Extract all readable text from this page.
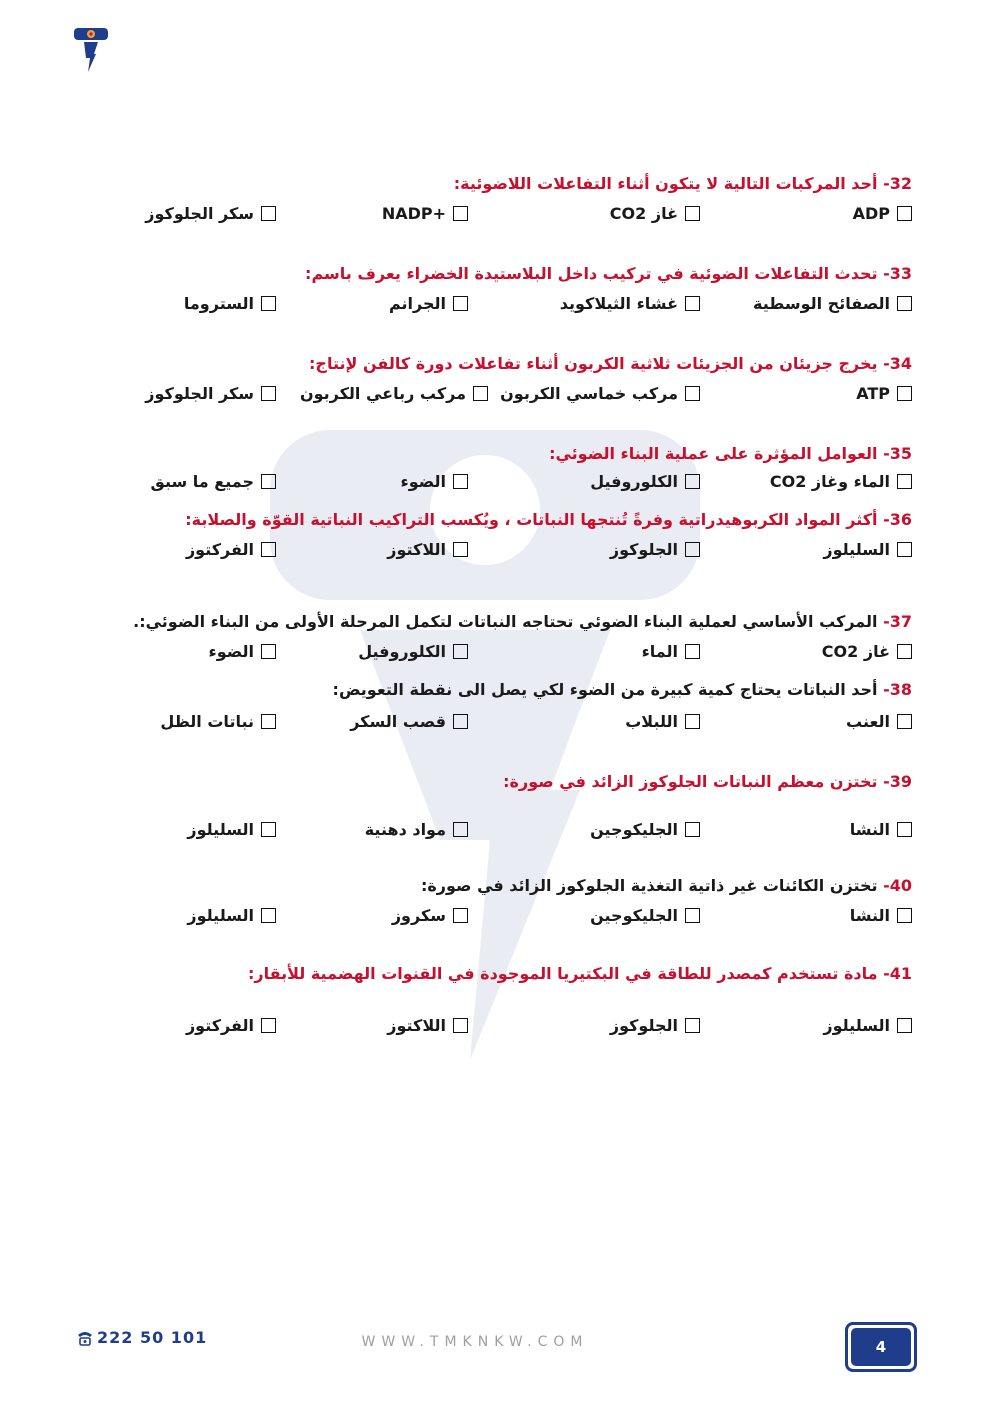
32- أحد المركبات التالية لا يتكون أثناء التفاعلات اللاضوئية:
ADP
غاز CO2
NADP+
سكر الجلوكوز
33- تحدث التفاعلات الضوئية في تركيب داخل البلاستيدة الخضراء يعرف باسم:
الصفائح الوسطية
غشاء الثيلاكويد
الجرانم
الستروما
34- يخرج جزيئان من الجزيئات ثلاثية الكربون أثناء تفاعلات دورة كالفن لإنتاج:
ATP
مركب خماسي الكربون
مركب رباعي الكربون
سكر الجلوكوز
35- العوامل المؤثرة على عملية البناء الضوئي:
الماء وغاز CO2
الكلوروفيل
الضوء
جميع ما سبق
36- أكثر المواد الكربوهيدراتية وفرةً تُنتجها النباتات ، ويُكسب التراكيب النباتية القوّة والصلابة:
السليلوز
الجلوكوز
اللاكتوز
الفركتوز
37- المركب الأساسي لعملية البناء الضوئي تحتاجه النباتات لتكمل المرحلة الأولى من البناء الضوئي:.
غاز CO2
الماء
الكلوروفيل
الضوء
38- أحد النباتات يحتاج كمية كبيرة من الضوء لكي يصل الى نقطة التعويض:
العنب
اللبلاب
قصب السكر
نباتات الظل
39- تختزن معظم النباتات الجلوكوز الزائد في صورة:
النشا
الجليكوجين
مواد دهنية
السليلوز
40- تختزن الكائنات غير ذاتية التغذية الجلوكوز الزائد في صورة:
النشا
الجليكوجين
سكروز
السليلوز
41- مادة تستخدم كمصدر للطاقة في البكتيريا الموجودة في القنوات الهضمية للأبقار:
السليلوز
الجلوكوز
اللاكتوز
الفركتوز
222 50 101	WWW.TMKNKW.COM	4
